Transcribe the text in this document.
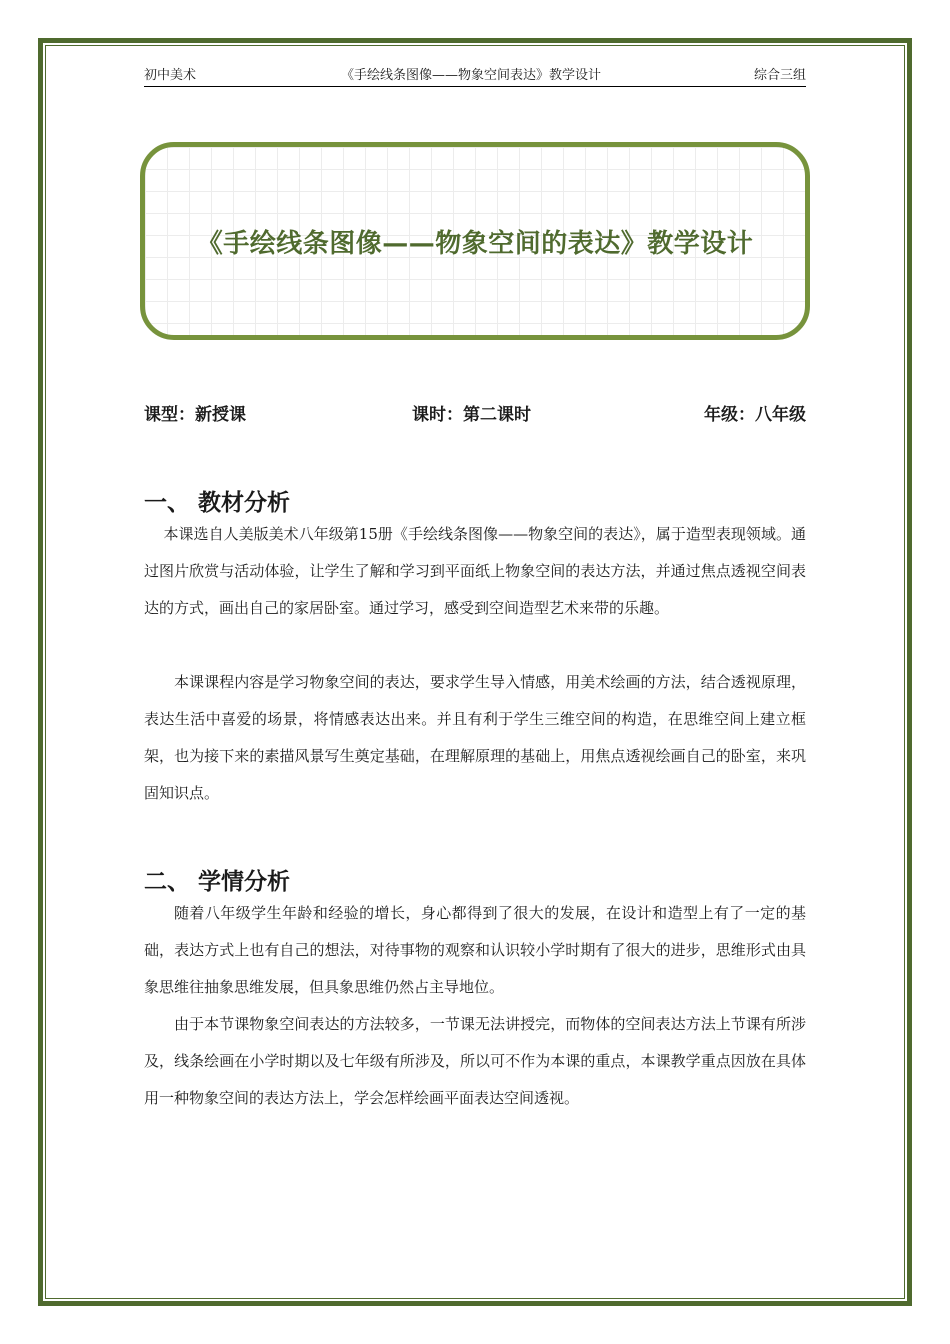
初中美术	《手绘线条图像——物象空间表达》教学设计	综合三组
《手绘线条图像——物象空间的表达》教学设计
课型：新授课	课时：第二课时	年级：八年级
一、 教材分析

本课选自人美版美术八年级第15册《手绘线条图像——物象空间的表达》，属于造型表现领域。通过图片欣赏与活动体验，让学生了解和学习到平面纸上物象空间的表达方法，并通过焦点透视空间表达的方式，画出自己的家居卧室。通过学习，感受到空间造型艺术来带的乐趣。

本课课程内容是学习物象空间的表达，要求学生导入情感，用美术绘画的方法，结合透视原理，表达生活中喜爱的场景，将情感表达出来。并且有利于学生三维空间的构造，在思维空间上建立框架，也为接下来的素描风景写生奠定基础，在理解原理的基础上，用焦点透视绘画自己的卧室，来巩固知识点。

二、 学情分析

随着八年级学生年龄和经验的增长，身心都得到了很大的发展，在设计和造型上有了一定的基础，表达方式上也有自己的想法，对待事物的观察和认识较小学时期有了很大的进步，思维形式由具象思维往抽象思维发展，但具象思维仍然占主导地位。

由于本节课物象空间表达的方法较多，一节课无法讲授完，而物体的空间表达方法上节课有所涉及，线条绘画在小学时期以及七年级有所涉及，所以可不作为本课的重点，本课教学重点因放在具体用一种物象空间的表达方法上，学会怎样绘画平面表达空间透视。
